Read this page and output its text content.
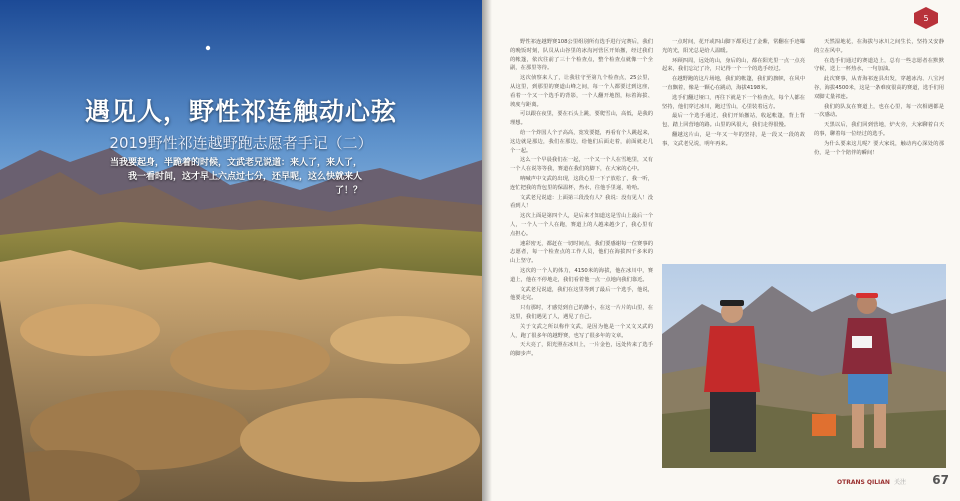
遇见人，野性祁连触动心弦
2019野性祁连越野跑志愿者手记（二）
当我要起身，半跪着的时候，文武老兄说道：来人了，来人了，
我一看时间，这才早上六点过七分，还早呢，这么快就来人了！？
5

野性祁连越野赛108公里组别所有选手进行完赛后，我们的晚饭时刻，队员从山谷里的冰沟河营区开始撤，经过我们的帐篷，依次往前了三十个检查点，整个检查点就像一个全副，在那里等待。

这次侦察来人了，让我驻守至第九个检查点，25公里，从这里，到那里的赛道山峰之间，每一个人都要过到这座，看着一个又一个选手的背影，一个人翻开地图，标着海拔、坡度与距离。

可以跟在夜里，要在石头上跳，要爬雪山，高低，是我的理想。

给一个炸国人个子高高，宽发要挺，再看有个人跳起来，这边就是那边，我们在那边，给他们后面走着，前面就走几个一起。

这么一个早晨我们在一起，一个又一个人在雪地里，又有一个人在说等等我，赛道在我们的脚下，在大家的心中。

呐喊声中文武的出现，这段心里一下子放松了，我一听，连忙把我的背包里的保温杯，热水，往他手里递，哈哈。

文武老兄说道：上面第三段没有人？我说：没有见人！没看到人！

这次上面是第四个人，是后来才知道这是雪山上最后一个人，一个人一个人在跑，赛道上的人越来越少了，我心里有点担心。

速彩密无，都赶在一切时间点，我们要感谢每一位赛事的志愿者，每一个检查点的工作人员，他们在海拔四千多米的山上坚守。

这次的一个人的体力，4150米的海拔，他在冰川中，赛道上，他在不停地走，我们看着他一点一点地向我们靠近。

文武老兄说道，我们在这里等到了最后一个选手，他说，他要走完。

只有那时，才感觉到自己的渺小，在这一片片的山里，在这里，我们遇见了人，遇见了自己。

关于文武之所以称作文武，是因为他是一个又文又武的人，跑了很多年的越野赛，也写了很多年的文章。

天大亮了，阳光照在冰川上，一片金色，远处传来了选手的脚步声。

一点时间，花开或四山脚下都更过了金紫，常翻在手迹曝光的光，阳光总是给人温暖。

环顾四周，远处的山，身后的山，都在阳光里一点一点亮起来，我们忘记了冷，只记得一个一个的选手经过。

在越野跑的这片场地，我们的帐篷，我们的旗帜，在风中一直飘着，像是一颗心在跳动，海拔4198米。

选手们翻过垭口，再往下就是下一个检查点，每个人都在坚持，他们穿过冰川，跑过雪山，心里装着远方。

最后一个选手通过，我们开始撤站，收起帐篷，背上背包，踏上回营地的路。山里的风很大，我们走得很慢。

翻越这片山，是一年又一年的坚持，是一段又一段的故事，文武老兄说，明年再来。

天然湿地花，在海拔与冰川之间生长，坚持又安静的立在风中。

在选手们通过的赛道边上，总有一些志愿者在默默守候，送上一杯热水，一句加油。

此次赛事，从青海祁连县出发，穿越冰沟、八宝河谷，海拔4500米，这是一条难度很高的赛道，选手们用双脚丈量祁连。

我们的队友在赛道上，也在心里，每一次相遇都是一次感动。

天黑以后，我们回到营地，炉火旁，大家聊着白天的事，聊着每一位经过的选手。

为什么要来这儿呢？要大家说，触动内心深处的那份，是一个个陪伴的瞬间！

OTRANS QILIAN 关注 67
